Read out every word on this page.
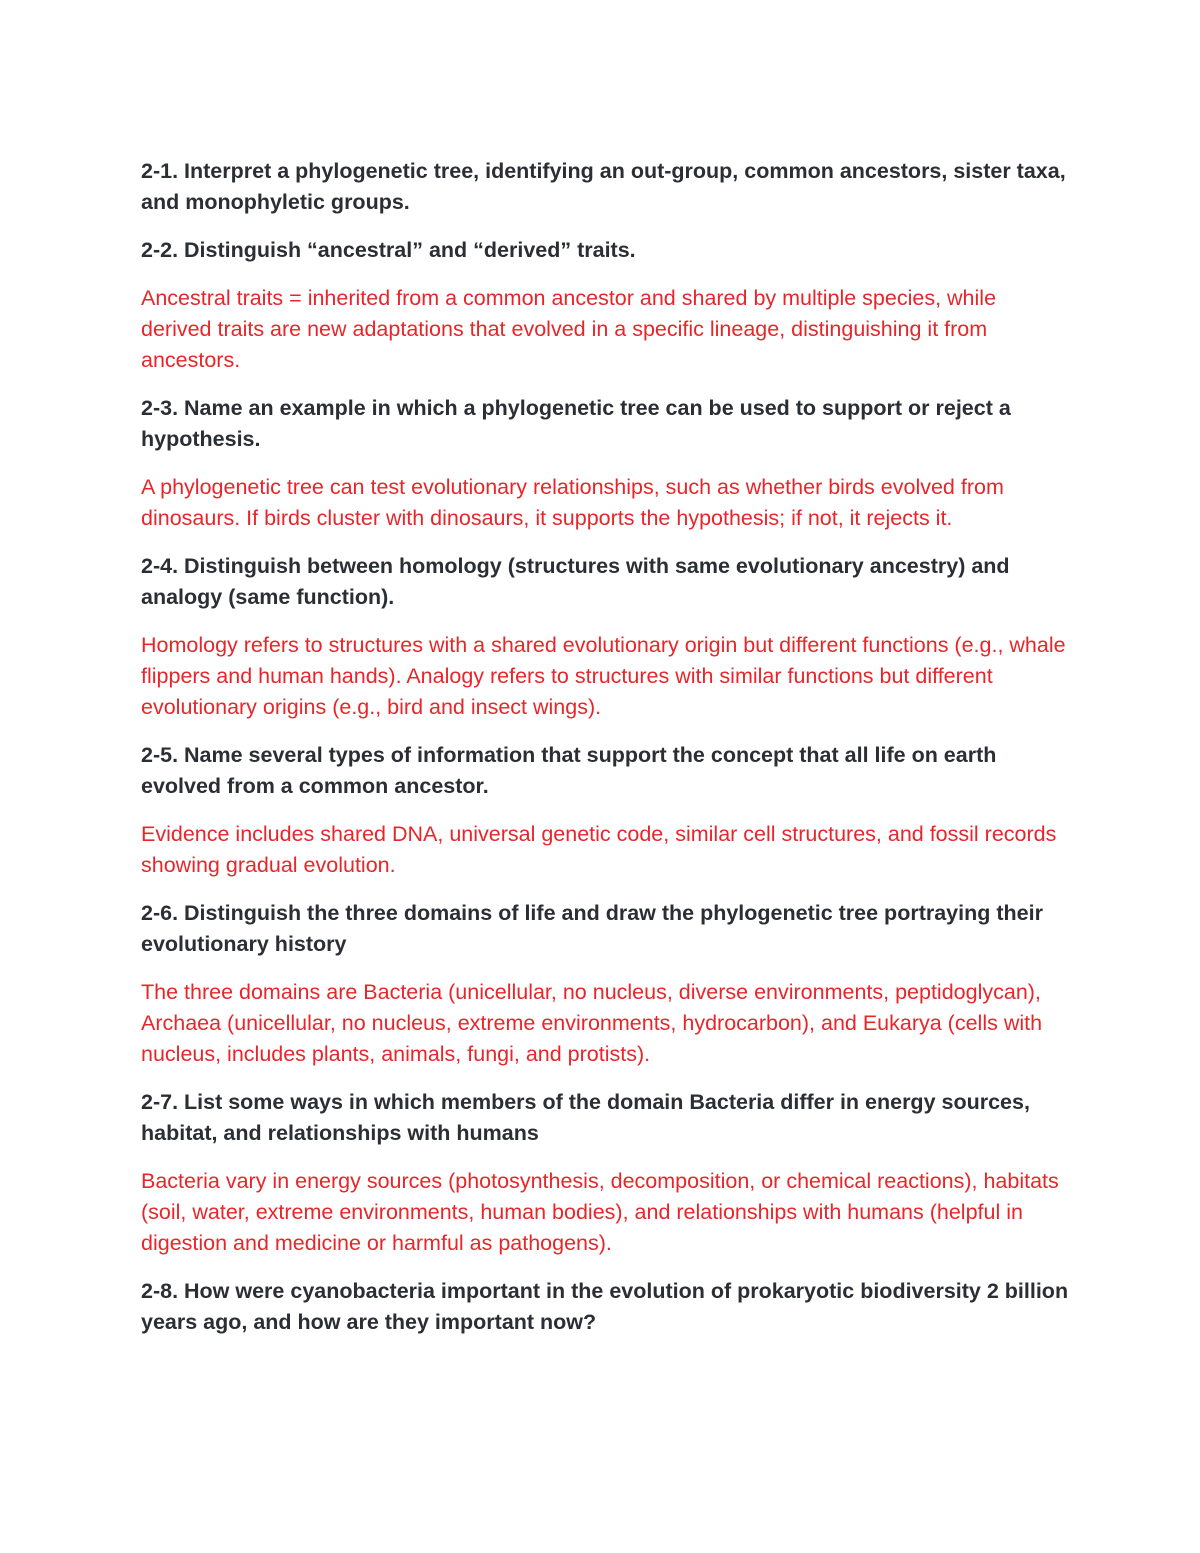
2-1. Interpret a phylogenetic tree, identifying an out-group, common ancestors, sister taxa, and monophyletic groups.

2-2. Distinguish “ancestral” and “derived” traits.

Ancestral traits = inherited from a common ancestor and shared by multiple species, while derived traits are new adaptations that evolved in a specific lineage, distinguishing it from ancestors.

2-3. Name an example in which a phylogenetic tree can be used to support or reject a hypothesis.

A phylogenetic tree can test evolutionary relationships, such as whether birds evolved from dinosaurs. If birds cluster with dinosaurs, it supports the hypothesis; if not, it rejects it.

2-4. Distinguish between homology (structures with same evolutionary ancestry) and analogy (same function).

Homology refers to structures with a shared evolutionary origin but different functions (e.g., whale flippers and human hands). Analogy refers to structures with similar functions but different evolutionary origins (e.g., bird and insect wings).

2-5. Name several types of information that support the concept that all life on earth evolved from a common ancestor.

Evidence includes shared DNA, universal genetic code, similar cell structures, and fossil records showing gradual evolution.

2-6. Distinguish the three domains of life and draw the phylogenetic tree portraying their evolutionary history

The three domains are Bacteria (unicellular, no nucleus, diverse environments, peptidoglycan), Archaea (unicellular, no nucleus, extreme environments, hydrocarbon), and Eukarya (cells with nucleus, includes plants, animals, fungi, and protists).

2-7. List some ways in which members of the domain Bacteria differ in energy sources, habitat, and relationships with humans

Bacteria vary in energy sources (photosynthesis, decomposition, or chemical reactions), habitats (soil, water, extreme environments, human bodies), and relationships with humans (helpful in digestion and medicine or harmful as pathogens).

2-8. How were cyanobacteria important in the evolution of prokaryotic biodiversity 2 billion years ago, and how are they important now?
